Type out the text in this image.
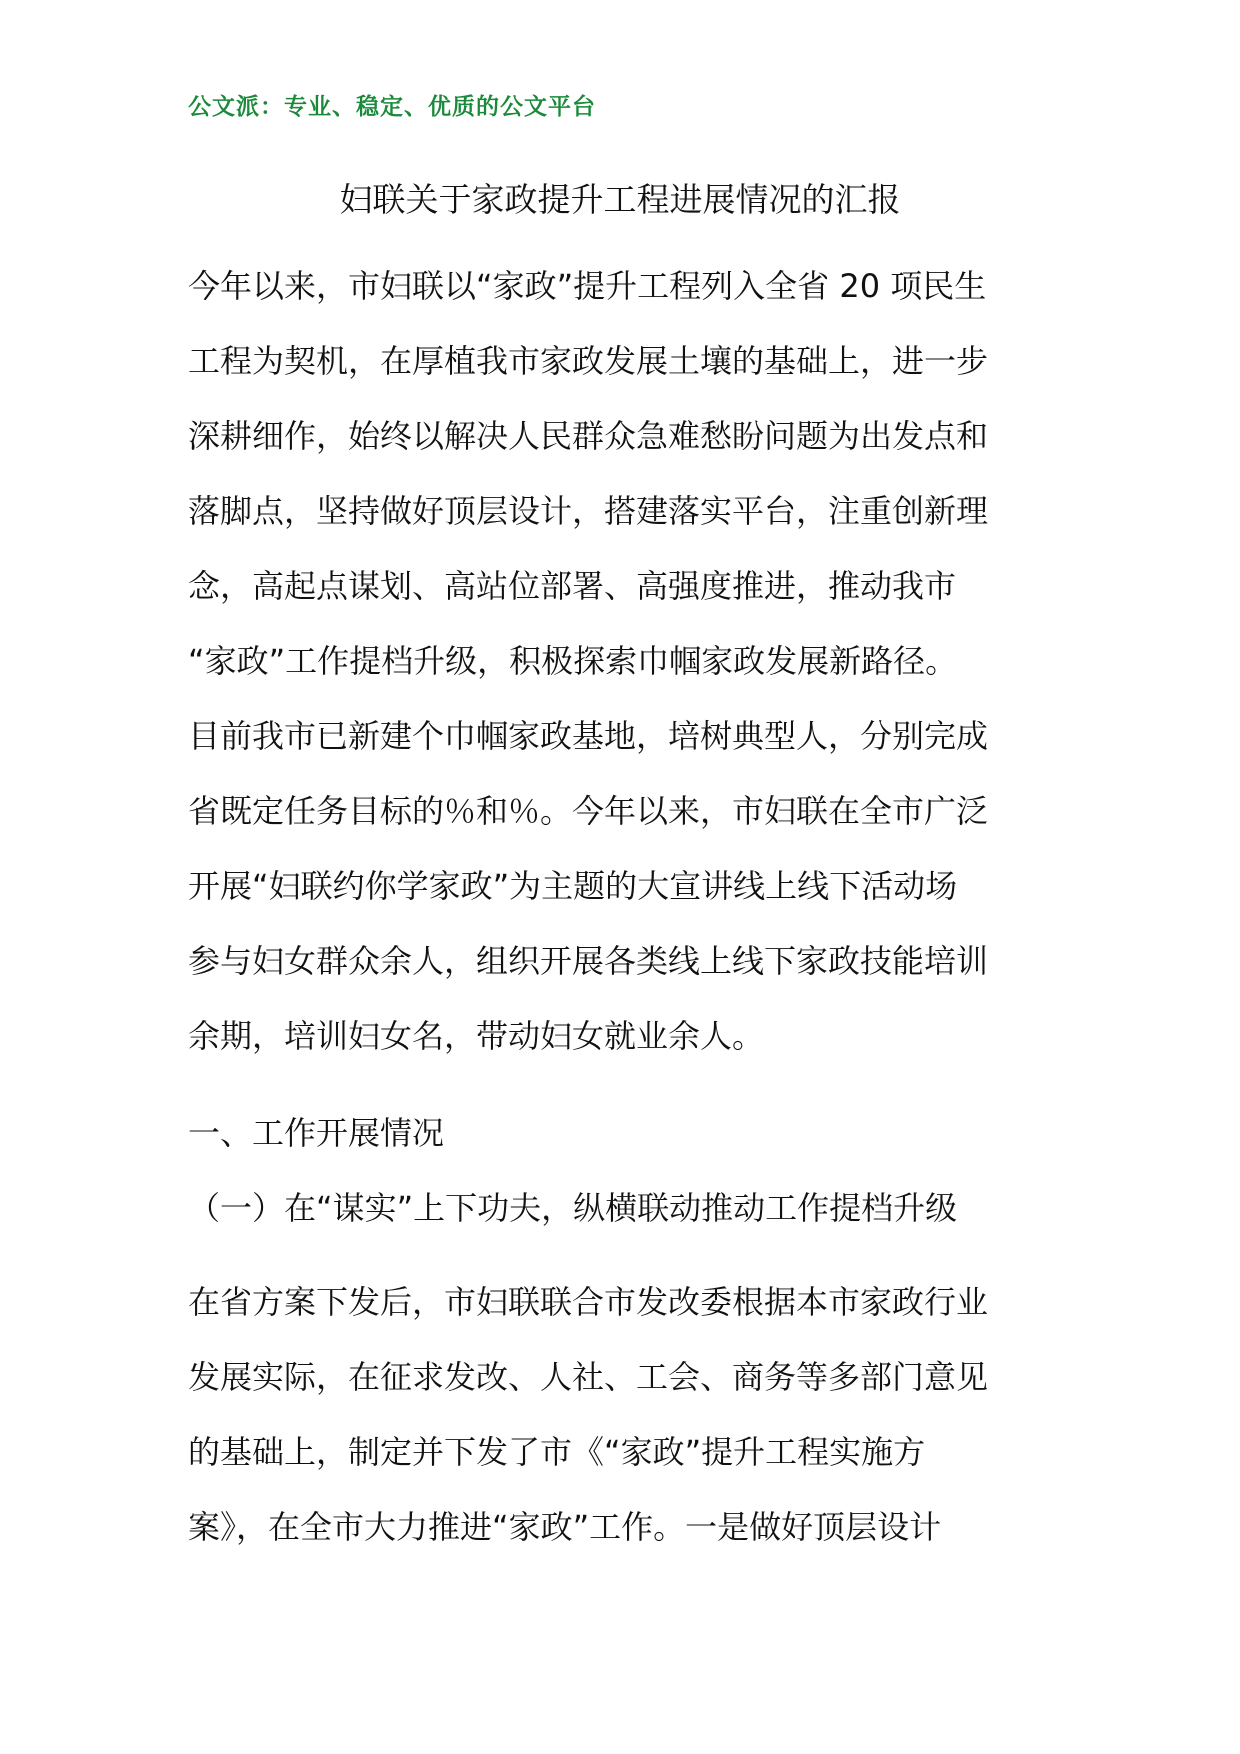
公文派：专业、稳定、优质的公文平台
妇联关于家政提升工程进展情况的汇报
今年以来，市妇联以“家政”提升工程列入全省 20 项民生
工程为契机，在厚植我市家政发展土壤的基础上，进一步
深耕细作，始终以解决人民群众急难愁盼问题为出发点和
落脚点，坚持做好顶层设计，搭建落实平台，注重创新理
念，高起点谋划、高站位部署、高强度推进，推动我市
“家政”工作提档升级，积极探索巾帼家政发展新路径。
目前我市已新建个巾帼家政基地，培树典型人，分别完成
省既定任务目标的％和％。今年以来，市妇联在全市广泛
开展“妇联约你学家政”为主题的大宣讲线上线下活动场
参与妇女群众余人，组织开展各类线上线下家政技能培训
余期，培训妇女名，带动妇女就业余人。
一、工作开展情况
（一）在“谋实”上下功夫，纵横联动推动工作提档升级
在省方案下发后，市妇联联合市发改委根据本市家政行业
发展实际，在征求发改、人社、工会、商务等多部门意见
的基础上，制定并下发了市《“家政”提升工程实施方
案》，在全市大力推进“家政”工作。一是做好顶层设计
